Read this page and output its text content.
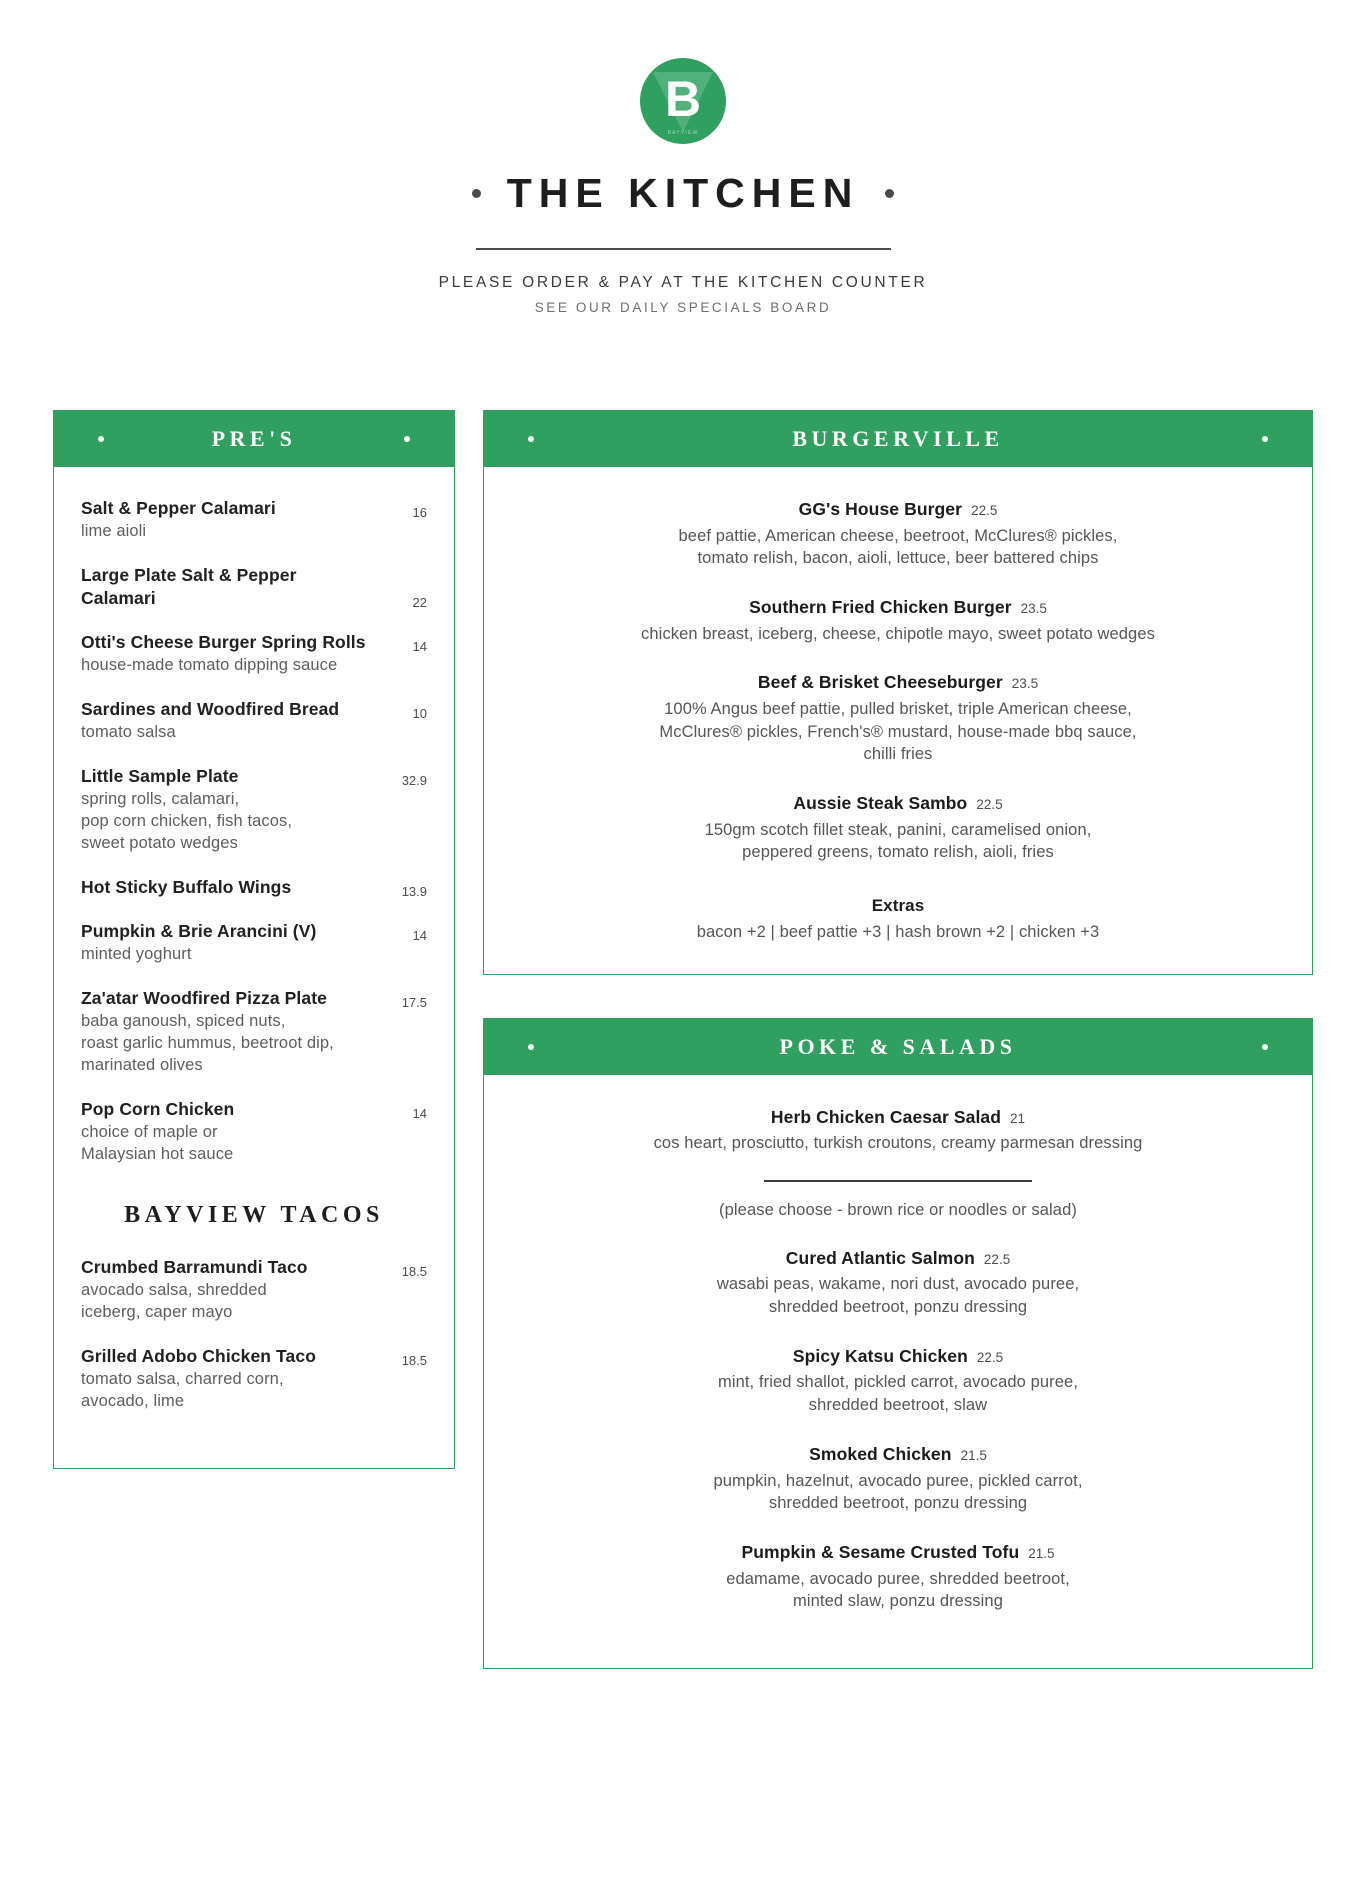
B
BAYVIEW
THE KITCHEN
PLEASE ORDER & PAY AT THE KITCHEN COUNTER
SEE OUR DAILY SPECIALS BOARD
PRE'S
Salt & Pepper Calamari	16
lime aioli
Large Plate Salt & Pepper
Calamari	22
Otti's Cheese Burger Spring Rolls	14
house-made tomato dipping sauce
Sardines and Woodfired Bread	10
tomato salsa
Little Sample Plate	32.9
spring rolls, calamari,
pop corn chicken, fish tacos,
sweet potato wedges
Hot Sticky Buffalo Wings	13.9
Pumpkin & Brie Arancini (V)	14
minted yoghurt
Za'atar Woodfired Pizza Plate	17.5
baba ganoush, spiced nuts,
roast garlic hummus, beetroot dip,
marinated olives
Pop Corn Chicken	14
choice of maple or
Malaysian hot sauce
BAYVIEW TACOS
Crumbed Barramundi Taco	18.5
avocado salsa, shredded
iceberg, caper mayo
Grilled Adobo Chicken Taco	18.5
tomato salsa, charred corn,
avocado, lime
BURGERVILLE
GG's House Burger 22.5
beef pattie, American cheese, beetroot, McClures® pickles,
tomato relish, bacon, aioli, lettuce, beer battered chips
Southern Fried Chicken Burger 23.5
chicken breast, iceberg, cheese, chipotle mayo, sweet potato wedges
Beef & Brisket Cheeseburger 23.5
100% Angus beef pattie, pulled brisket, triple American cheese,
McClures® pickles, French's® mustard, house-made bbq sauce,
chilli fries
Aussie Steak Sambo 22.5
150gm scotch fillet steak, panini, caramelised onion,
peppered greens, tomato relish, aioli, fries
Extras
bacon +2 | beef pattie +3 | hash brown +2 | chicken +3
POKE & SALADS
Herb Chicken Caesar Salad 21
cos heart, prosciutto, turkish croutons, creamy parmesan dressing
(please choose - brown rice or noodles or salad)
Cured Atlantic Salmon 22.5
wasabi peas, wakame, nori dust, avocado puree,
shredded beetroot, ponzu dressing
Spicy Katsu Chicken 22.5
mint, fried shallot, pickled carrot, avocado puree,
shredded beetroot, slaw
Smoked Chicken 21.5
pumpkin, hazelnut, avocado puree, pickled carrot,
shredded beetroot, ponzu dressing
Pumpkin & Sesame Crusted Tofu 21.5
edamame, avocado puree, shredded beetroot,
minted slaw, ponzu dressing
